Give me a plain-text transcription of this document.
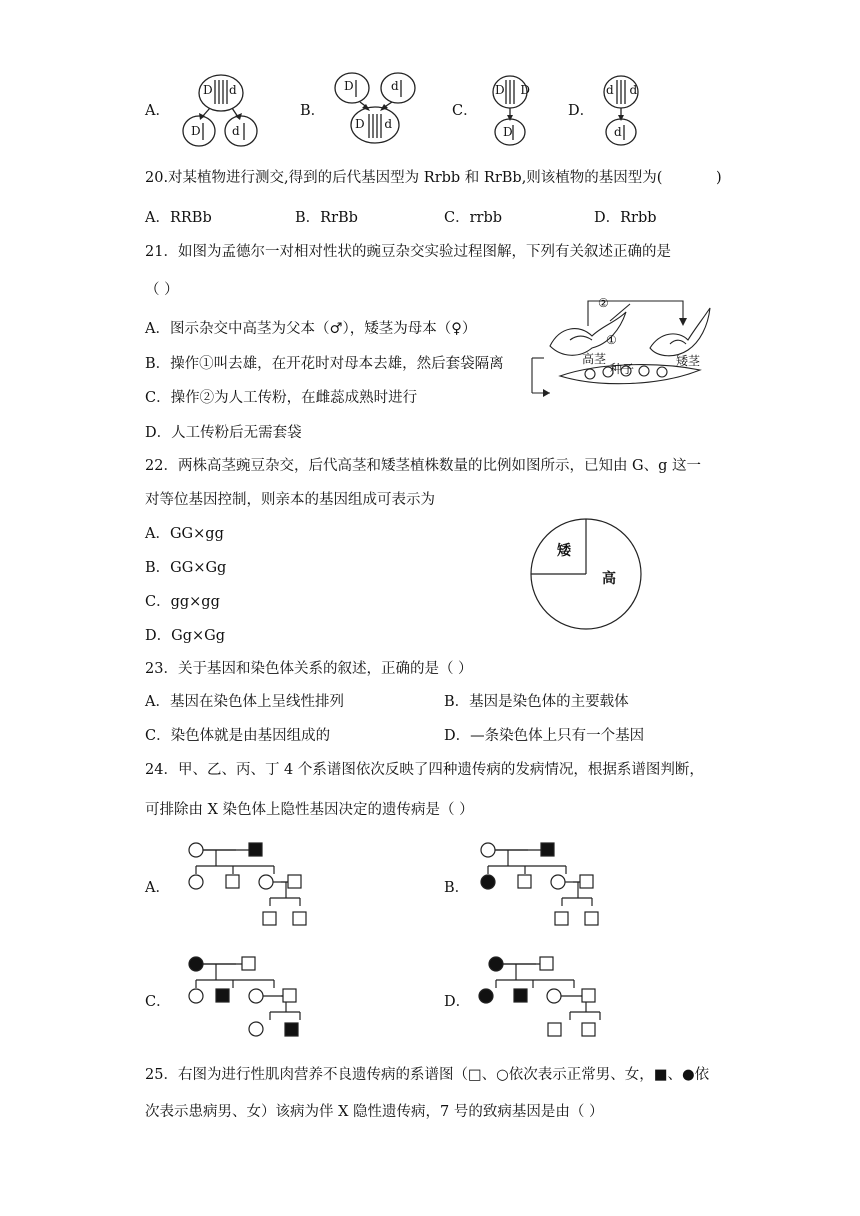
A．	B．	C．	D．
D d
D	d
D	d
D d
D D
D
d d
d
20.对某植物进行测交,得到的后代基因型为 Rrbb 和 RrBb,则该植物的基因型为(	)
A．RRBb	B．RrBb	C．rrbb	D．Rrbb
21．如图为孟德尔一对相对性状的豌豆杂交实验过程图解，下列有关叙述正确的是
（ ）
A．图示杂交中高茎为父本（♂），矮茎为母本（♀）
B．操作①叫去雄，在开花时对母本去雄，然后套袋隔离
C．操作②为人工传粉，在雌蕊成熟时进行
D．人工传粉后无需套袋
②
①
高茎	矮茎
种子
22．两株高茎豌豆杂交，后代高茎和矮茎植株数量的比例如图所示，已知由 G、g 这一
对等位基因控制，则亲本的基因组成可表示为
A．GG×gg
B．GG×Gg
C．gg×gg
D．Gg×Gg
矮
高
23．关于基因和染色体关系的叙述，正确的是（ ）
A．基因在染色体上呈线性排列	B．基因是染色体的主要载体
C．染色体就是由基因组成的	D．—条染色体上只有一个基因
24．甲、乙、丙、丁 4 个系谱图依次反映了四种遗传病的发病情况，根据系谱图判断，
可排除由 X 染色体上隐性基因决定的遗传病是（ ）
A．	B．
C．	D．
25．右图为进行性肌肉营养不良遗传病的系谱图（□、○依次表示正常男、女，■、●依
次表示患病男、女）该病为伴 X 隐性遗传病，7 号的致病基因是由（ ）
